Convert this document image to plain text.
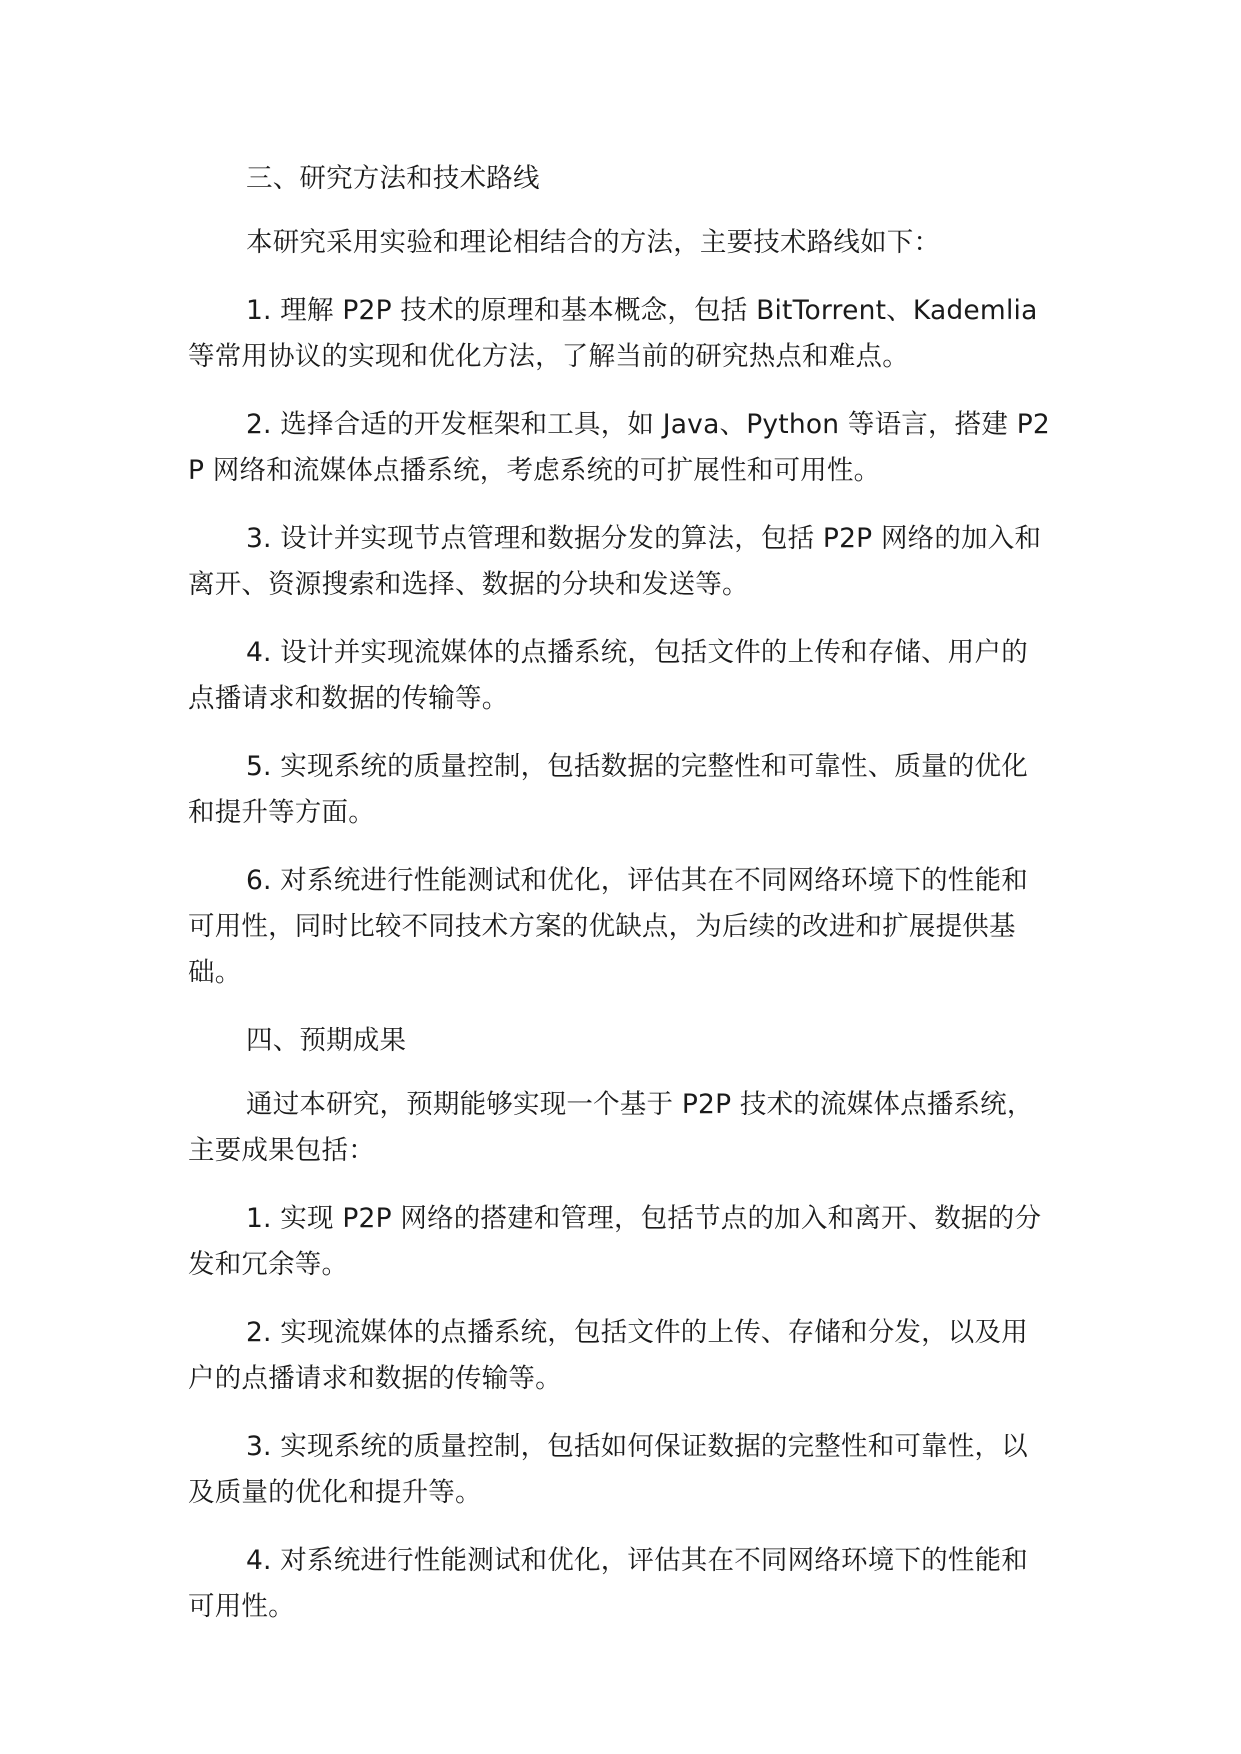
三、研究方法和技术路线

本研究采用实验和理论相结合的方法，主要技术路线如下：

1. 理解 P2P 技术的原理和基本概念，包括 BitTorrent、Kademlia 等常用协议的实现和优化方法，了解当前的研究热点和难点。

2. 选择合适的开发框架和工具，如 Java、Python 等语言，搭建 P2P 网络和流媒体点播系统，考虑系统的可扩展性和可用性。

3. 设计并实现节点管理和数据分发的算法，包括 P2P 网络的加入和离开、资源搜索和选择、数据的分块和发送等。

4. 设计并实现流媒体的点播系统，包括文件的上传和存储、用户的点播请求和数据的传输等。

5. 实现系统的质量控制，包括数据的完整性和可靠性、质量的优化和提升等方面。

6. 对系统进行性能测试和优化，评估其在不同网络环境下的性能和可用性，同时比较不同技术方案的优缺点，为后续的改进和扩展提供基础。

四、预期成果

通过本研究，预期能够实现一个基于 P2P 技术的流媒体点播系统，主要成果包括：

1. 实现 P2P 网络的搭建和管理，包括节点的加入和离开、数据的分发和冗余等。

2. 实现流媒体的点播系统，包括文件的上传、存储和分发，以及用户的点播请求和数据的传输等。

3. 实现系统的质量控制，包括如何保证数据的完整性和可靠性，以及质量的优化和提升等。

4. 对系统进行性能测试和优化，评估其在不同网络环境下的性能和可用性。
